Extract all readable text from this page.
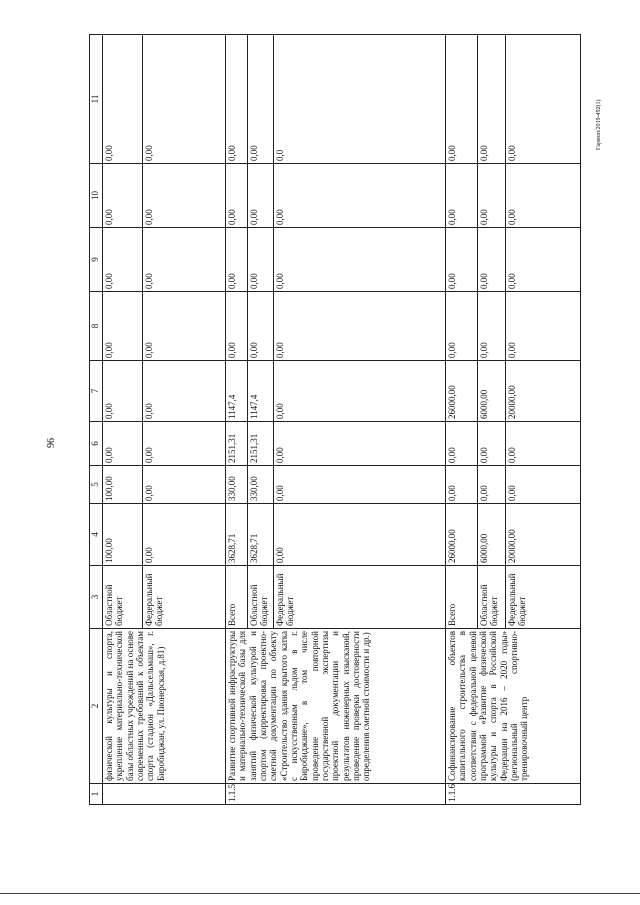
96
Гармоп/2019-492(1)
1	2	3	4	5	6	7	8	9	10	11
	физической культуры и спорта, укрепление материально-технической базы областных учреждений на основе современных требований к объектам спорта (стадион «Дальсельмаш», г. Биробиджан, ул. Пионерская, д.81)	Областной бюджет	100,00	100,00	0,00	0,00	0,00	0,00	0,00	0,00
		Федеральный бюджет	0,00	0,00	0,00	0,00	0,00	0,00	0,00	0,00
1.1.5	Развитие спортивной инфраструктуры и материально-технической базы для занятий физической культурой и спортом (корректировка проектно-сметной документации по объекту «Строительство здания крытого катка с искусственным льдом в г. Биробиджане», в том числе проведение повторной государственной экспертизы проектной документации и результатов инженерных изысканий, проведение проверки достоверности определения сметной стоимости и др.)	Всего	3628,71	330,00	2151,31	1147,4	0,00	0,00	0,00	0,00
		Областной бюджет	3628,71	330,00	2151,31	1147,4	0,00	0,00	0,00	0,00
		Федеральный бюджет	0,00	0,00	0,00	0,00	0,00	0,00	0,00	0,0
1.1.6	Софинансирование объектов капитального строительства в соответствии с федеральной целевой программой «Развитие физической культуры и спорта в Российской Федерации на 2016 – 2020 годы» (региональный спортивно-тренировочный центр	Всего	26000,00	0,00	0,00	26000,00	0,00	0,00	0,00	0,00
		Областной бюджет	6000,00	0,00	0,00	6000,00	0,00	0,00	0,00	0,00
		Федеральный бюджет	20000,00	0,00	0,00	20000,00	0,00	0,00	0,00	0,00
